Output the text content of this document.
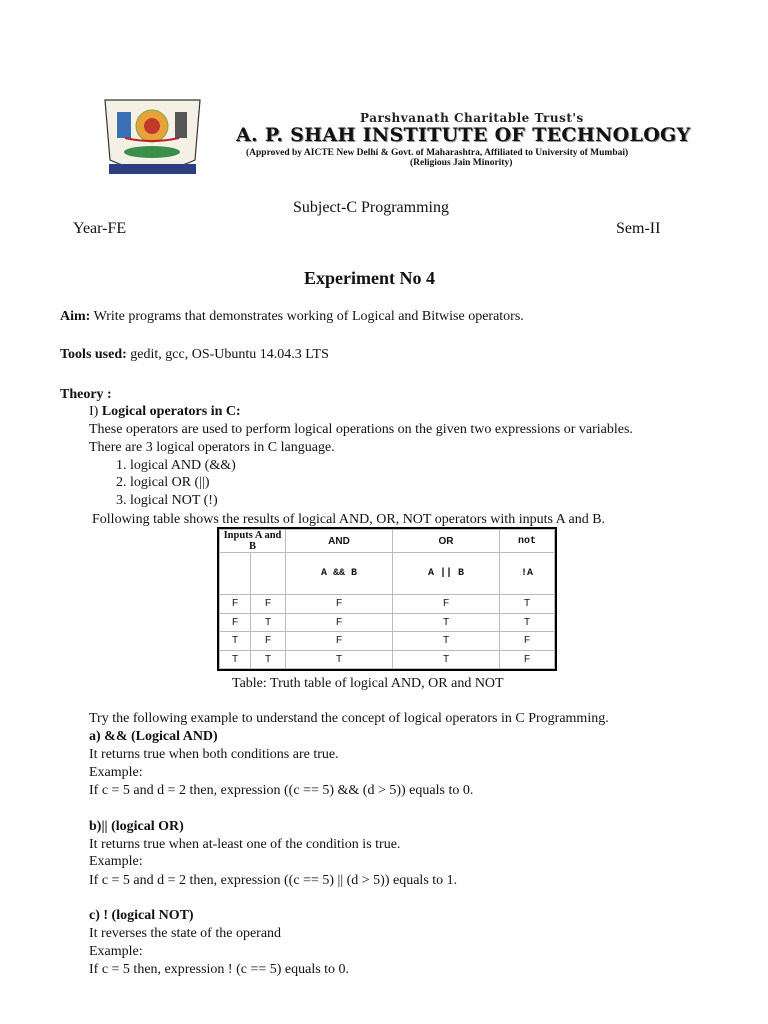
Parshvanath Charitable Trust's
A. P. SHAH INSTITUTE OF TECHNOLOGY
(Approved by AICTE New Delhi & Govt. of Maharashtra, Affiliated to University of Mumbai)
(Religious Jain Minority)
Subject-C Programming
Year-FE	Sem-II
Experiment No 4
Aim: Write programs that demonstrates working of Logical and Bitwise operators.
Tools used: gedit, gcc, OS-Ubuntu 14.04.3 LTS
Theory :
I) Logical operators in C:
These operators are used to perform logical operations on the given two expressions or variables.
There are 3 logical operators in C language.
1. logical AND (&&)
2. logical OR (||)
3. logical NOT (!)
Following table shows the results of logical AND, OR, NOT operators with inputs A and B.
Inputs A and B		AND	OR	not
		A && B	A || B	!A
F	F	F	F	T
F	T	F	T	T
T	F	F	T	F
T	T	T	T	F
Table: Truth table of logical AND, OR and NOT
Try the following example to understand the concept of logical operators in C Programming.
a) && (Logical AND)
It returns true when both conditions are true.
Example:
If c = 5 and d = 2 then, expression ((c == 5) && (d > 5)) equals to 0.
b)|| (logical OR)
It returns true when at-least one of the condition is true.
Example:
If c = 5 and d = 2 then, expression ((c == 5) || (d > 5)) equals to 1.
c) ! (logical NOT)
It reverses the state of the operand
Example:
If c = 5 then, expression ! (c == 5) equals to 0.
